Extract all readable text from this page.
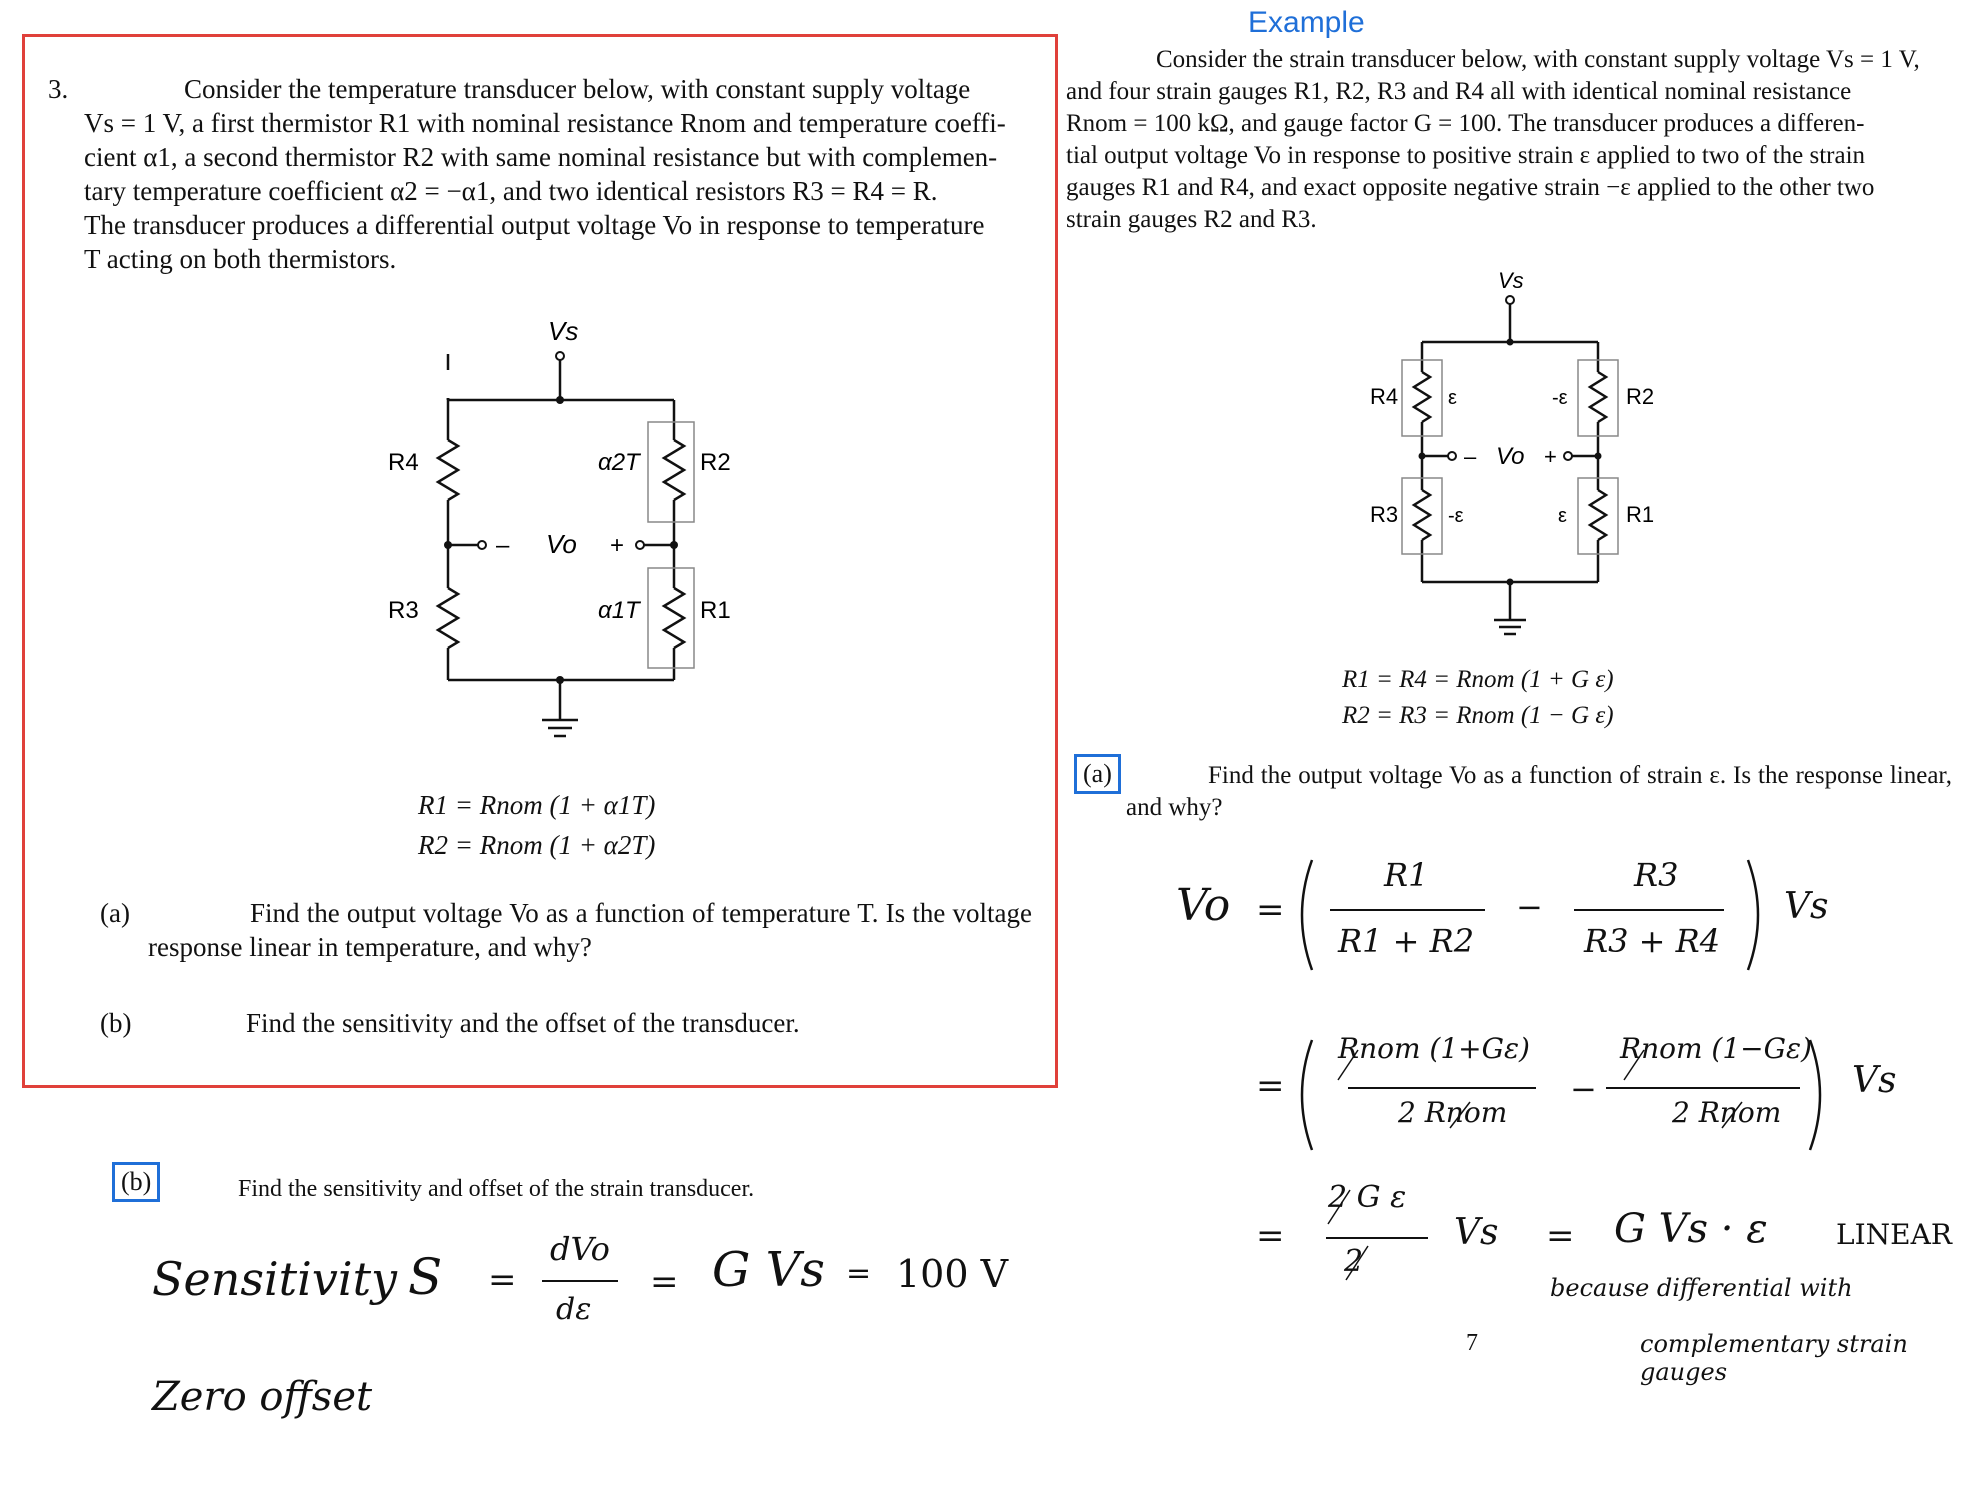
3.	Consider the temperature transducer below, with constant supply voltage
Vs = 1 V, a first thermistor R1 with nominal resistance Rnom and temperature coeffi-
cient α1, a second thermistor R2 with same nominal resistance but with complemen-
tary temperature coefficient α2 = −α1, and two identical resistors R3 = R4 = R.
The transducer produces a differential output voltage Vo in response to temperature
T acting on both thermistors.
Vs
R4
R3
R2
R1
α2T
α1T
– Vo +
R1 = Rnom (1 + α1T)
R2 = Rnom (1 + α2T)
(a)	Find the output voltage Vo as a function of temperature T. Is the voltage response linear in temperature, and why?
(b)	Find the sensitivity and the offset of the transducer.
Example
Consider the strain transducer below, with constant supply voltage Vs = 1 V,
and four strain gauges R1, R2, R3 and R4 all with identical nominal resistance
Rnom = 100 kΩ, and gauge factor G = 100. The transducer produces a differen-
tial output voltage Vo in response to positive strain ε applied to two of the strain
gauges R1 and R4, and exact opposite negative strain −ε applied to the other two
strain gauges R2 and R3.
Vs
R4
R3
R2
R1
ε
-ε
-ε
ε
– Vo +
R1 = R4 = Rnom (1 + G ε)
R2 = R3 = Rnom (1 − G ε)
(a)	Find the output voltage Vo as a function of strain ε. Is the response linear, and why?
(b)	Find the sensitivity and offset of the strain transducer.
7
Vo =
R1
R1 + R2
−
R3
R3 + R4
Vs
=
Rnom (1+Gε)
2 Rnom
−
Rnom (1−Gε)
2 Rnom
Vs
=
2 G ε
2
Vs = G Vs · ε LINEAR
because differential with
complementary strain gauges
Sensitivity S =
dVo
dε
= G Vs = 100 V
Zero offset
